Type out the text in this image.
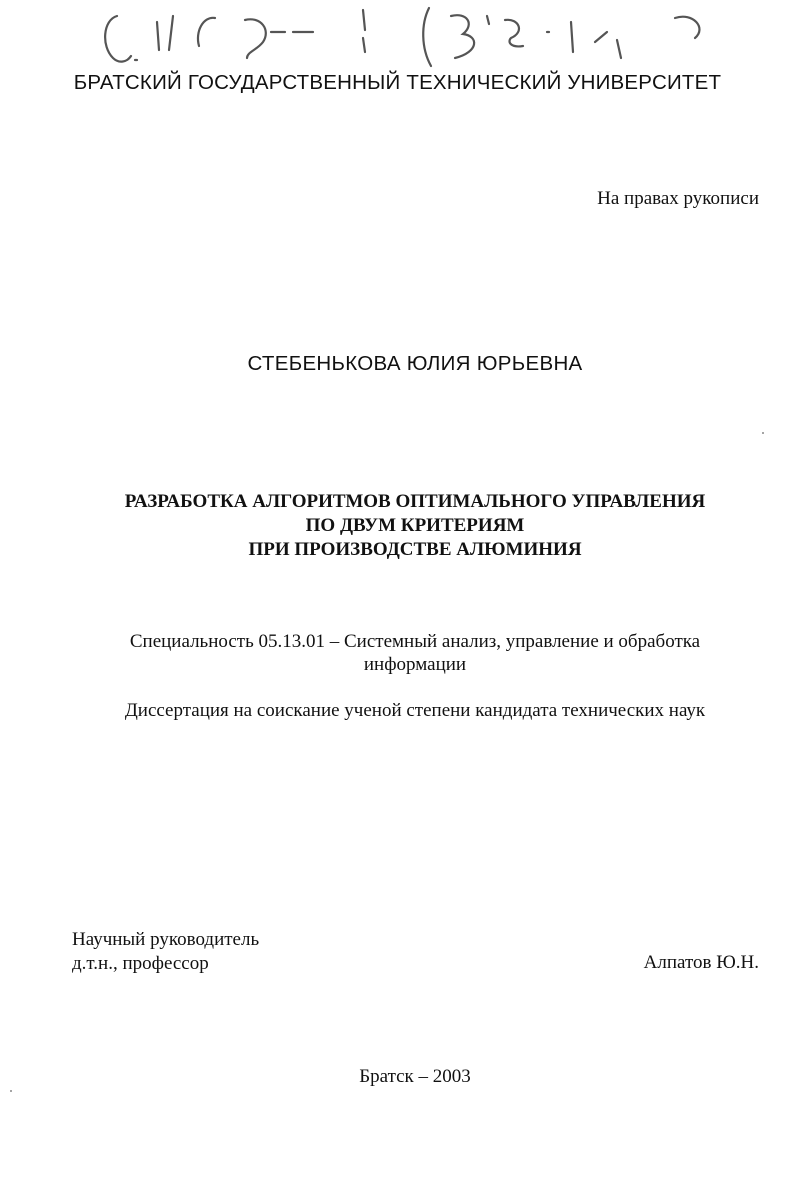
БРАТСКИЙ ГОСУДАРСТВЕННЫЙ ТЕХНИЧЕСКИЙ УНИВЕРСИТЕТ
На правах рукописи
СТЕБЕНЬКОВА ЮЛИЯ ЮРЬЕВНА
РАЗРАБОТКА АЛГОРИТМОВ ОПТИМАЛЬНОГО УПРАВЛЕНИЯ
ПО ДВУМ КРИТЕРИЯМ
ПРИ ПРОИЗВОДСТВЕ АЛЮМИНИЯ
Специальность 05.13.01 – Системный анализ, управление и обработка
информации
Диссертация на соискание ученой степени кандидата технических наук
Научный руководитель
д.т.н., профессор	Алпатов Ю.Н.
Братск – 2003
